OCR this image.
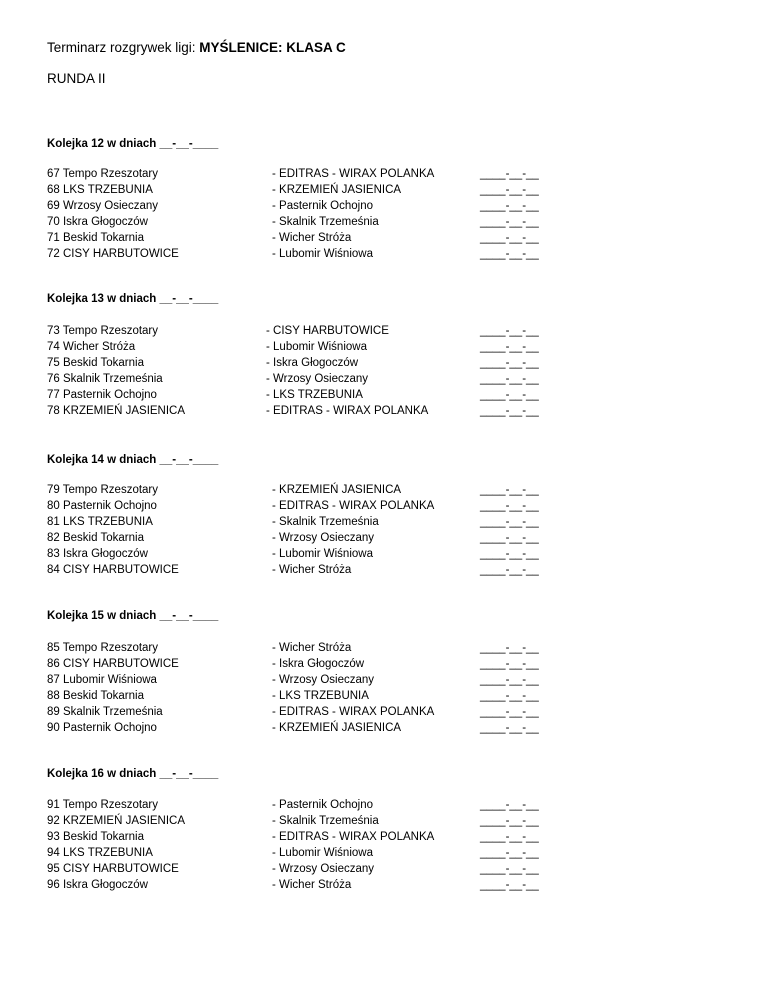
Terminarz rozgrywek ligi: MYŚLENICE: KLASA C
RUNDA II
Kolejka 12 w dniach __-__-____
67 Tempo Rzeszotary	- EDITRAS - WIRAX POLANKA	____-__-__
68 LKS TRZEBUNIA	- KRZEMIEŃ JASIENICA	____-__-__
69 Wrzosy Osieczany	- Pasternik Ochojno	____-__-__
70 Iskra Głogoczów	- Skalnik Trzemeśnia	____-__-__
71 Beskid Tokarnia	- Wicher Stróża	____-__-__
72 CISY HARBUTOWICE	- Lubomir Wiśniowa	____-__-__
Kolejka 13 w dniach __-__-____
73 Tempo Rzeszotary	- CISY HARBUTOWICE	____-__-__
74 Wicher Stróża	- Lubomir Wiśniowa	____-__-__
75 Beskid Tokarnia	- Iskra Głogoczów	____-__-__
76 Skalnik Trzemeśnia	- Wrzosy Osieczany	____-__-__
77 Pasternik Ochojno	- LKS TRZEBUNIA	____-__-__
78 KRZEMIEŃ JASIENICA	- EDITRAS - WIRAX POLANKA	____-__-__
Kolejka 14 w dniach __-__-____
79 Tempo Rzeszotary	- KRZEMIEŃ JASIENICA	____-__-__
80 Pasternik Ochojno	- EDITRAS - WIRAX POLANKA	____-__-__
81 LKS TRZEBUNIA	- Skalnik Trzemeśnia	____-__-__
82 Beskid Tokarnia	- Wrzosy Osieczany	____-__-__
83 Iskra Głogoczów	- Lubomir Wiśniowa	____-__-__
84 CISY HARBUTOWICE	- Wicher Stróża	____-__-__
Kolejka 15 w dniach __-__-____
85 Tempo Rzeszotary	- Wicher Stróża	____-__-__
86 CISY HARBUTOWICE	- Iskra Głogoczów	____-__-__
87 Lubomir Wiśniowa	- Wrzosy Osieczany	____-__-__
88 Beskid Tokarnia	- LKS TRZEBUNIA	____-__-__
89 Skalnik Trzemeśnia	- EDITRAS - WIRAX POLANKA	____-__-__
90 Pasternik Ochojno	- KRZEMIEŃ JASIENICA	____-__-__
Kolejka 16 w dniach __-__-____
91 Tempo Rzeszotary	- Pasternik Ochojno	____-__-__
92 KRZEMIEŃ JASIENICA	- Skalnik Trzemeśnia	____-__-__
93 Beskid Tokarnia	- EDITRAS - WIRAX POLANKA	____-__-__
94 LKS TRZEBUNIA	- Lubomir Wiśniowa	____-__-__
95 CISY HARBUTOWICE	- Wrzosy Osieczany	____-__-__
96 Iskra Głogoczów	- Wicher Stróża	____-__-__
